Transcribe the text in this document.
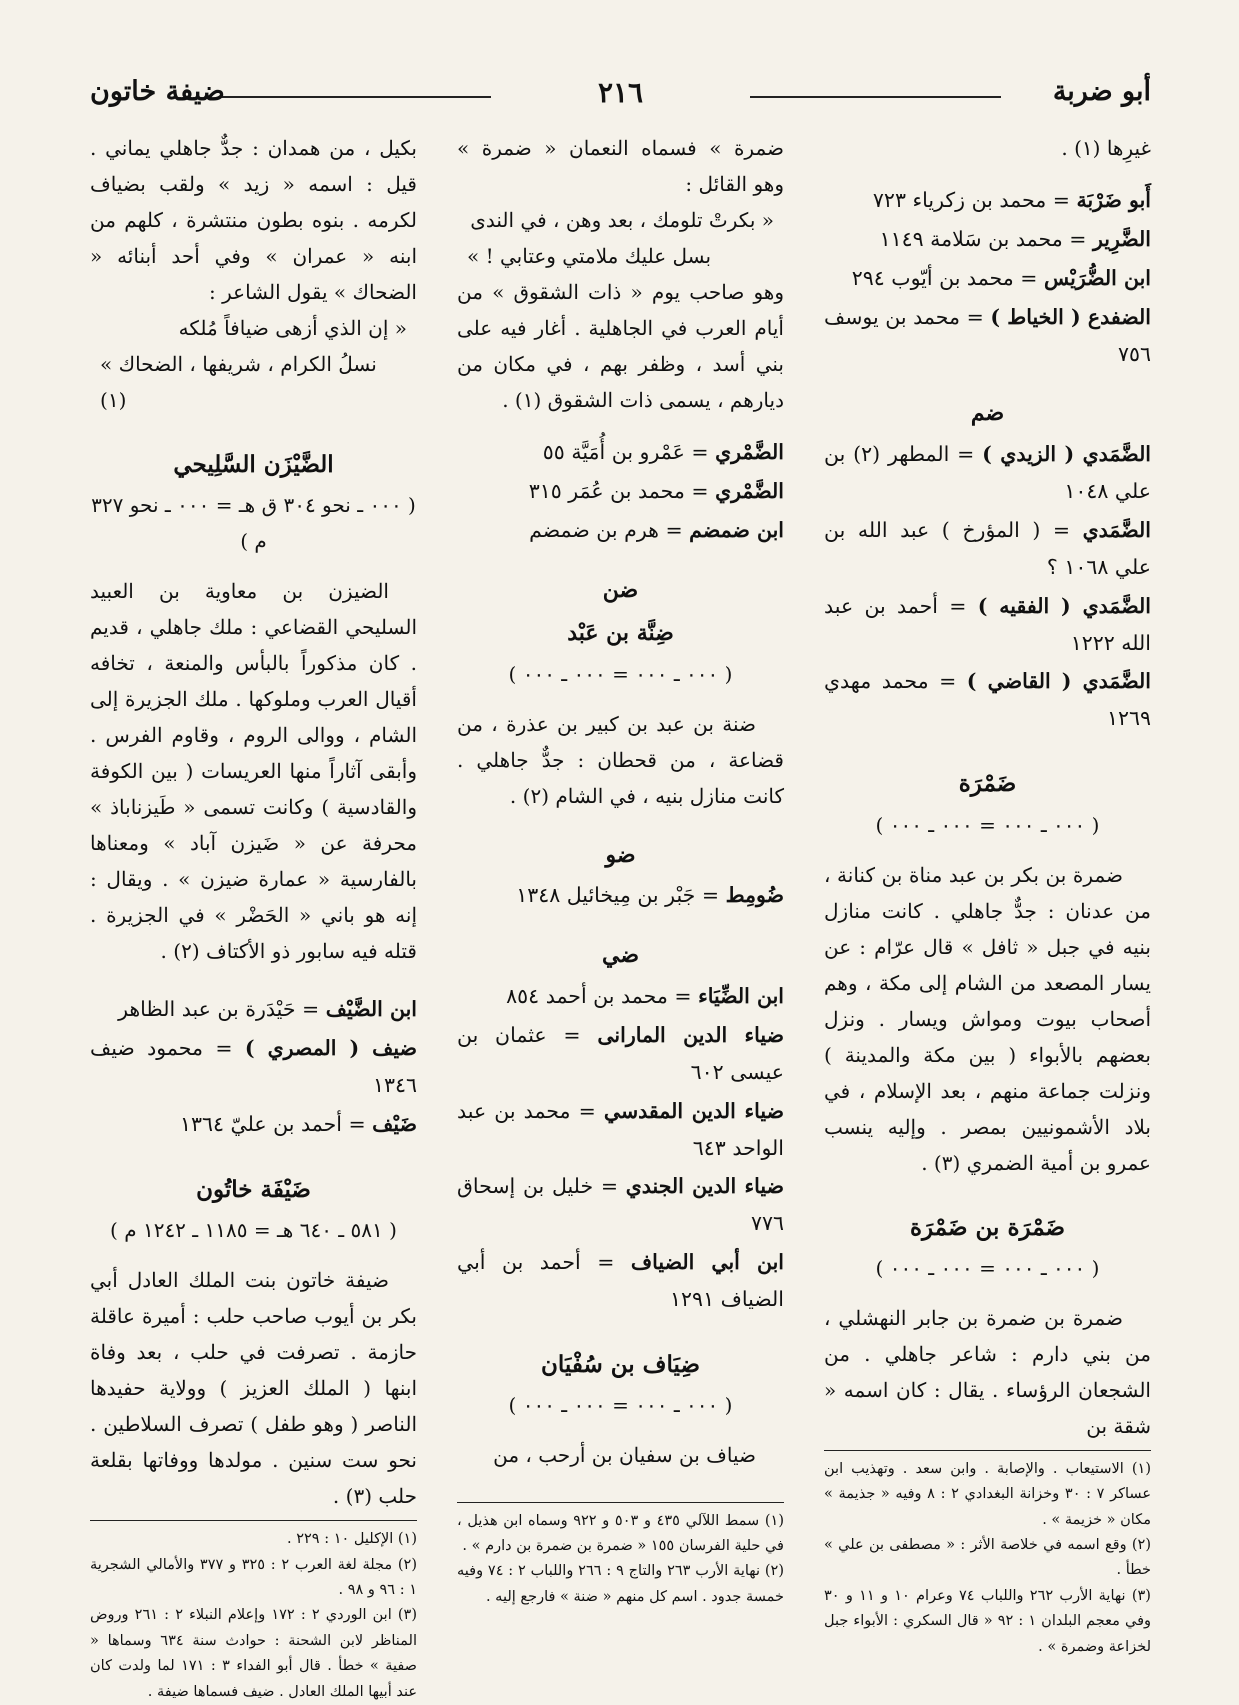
أبو ضربة
٢١٦
ضيفة خاتون

غيرِها (١) .

أَبو ضَرْبَة = محمد بن زكرياء ٧٢٣

الضَّرِير = محمد بن سَلامة ١١٤٩

ابن الضُّرَيْس = محمد بن أيّوب ٢٩٤

الضفدع ( الخياط ) = محمد بن يوسف ٧٥٦

ضم

الضَّمَدي ( الزيدي ) = المطهر (٢) بن علي ١٠٤٨

الضَّمَدي = ( المؤرخ ) عبد الله بن علي ١٠٦٨ ؟

الضَّمَدي ( الفقيه ) = أحمد بن عبد الله ١٢٢٢

الضَّمَدي ( القاضي ) = محمد مهدي ١٢٦٩

ضَمْرَة

( ٠٠٠ ـ ٠٠٠ = ٠٠٠ ـ ٠٠٠ )

ضمرة بن بكر بن عبد مناة بن كنانة ، من عدنان : جدٌّ جاهلي . كانت منازل بنيه في جبل « ثافل » قال عرّام : عن يسار المصعد من الشام إلى مكة ، وهم أصحاب بيوت ومواش ويسار . ونزل بعضهم بالأبواء ( بين مكة والمدينة ) ونزلت جماعة منهم ، بعد الإسلام ، في بلاد الأشمونيين بمصر . وإليه ينسب عمرو بن أمية الضمري (٣) .

ضَمْرَة بن ضَمْرَة

( ٠٠٠ ـ ٠٠٠ = ٠٠٠ ـ ٠٠٠ )

ضمرة بن ضمرة بن جابر النهشلي ، من بني دارم : شاعر جاهلي . من الشجعان الرؤساء . يقال : كان اسمه « شقة بن

(١) الاستيعاب . والإصابة . وابن سعد . وتهذيب ابن عساكر ٧ : ٣٠ وخزانة البغدادي ٢ : ٨ وفيه « جذيمة » مكان « خزيمة » .

(٢) وقع اسمه في خلاصة الأثر : « مصطفى بن علي » خطأ .

(٣) نهاية الأرب ٢٦٢ واللباب ٧٤ وعرام ١٠ و ١١ و ٣٠ وفي معجم البلدان ١ : ٩٢ « قال السكري : الأبواء جبل لخزاعة وضمرة » .

ضمرة » فسماه النعمان « ضمرة » وهو القائل :

« بكرتْ تلومك ، بعد وهن ، في الندى

بسل عليك ملامتي وعتابي ! »

وهو صاحب يوم « ذات الشقوق » من أيام العرب في الجاهلية . أغار فيه على بني أسد ، وظفر بهم ، في مكان من ديارهم ، يسمى ذات الشقوق (١) .

الضَّمْري = عَمْرو بن أُمَيَّة ٥٥

الضَّمْري = محمد بن عُمَر ٣١٥

ابن ضمضم = هرم بن ضمضم

ضن

ضِنَّة بن عَبْد

( ٠٠٠ ـ ٠٠٠ = ٠٠٠ ـ ٠٠٠ )

ضنة بن عبد بن كبير بن عذرة ، من قضاعة ، من قحطان : جدٌّ جاهلي . كانت منازل بنيه ، في الشام (٢) .

ضو

ضُومِط = جَبْر بن مِيخائيل ١٣٤٨

ضي

ابن الضِّيَاء = محمد بن أحمد ٨٥٤

ضياء الدين المارانى = عثمان بن عيسى ٦٠٢

ضياء الدين المقدسي = محمد بن عبد الواحد ٦٤٣

ضياء الدين الجندي = خليل بن إسحاق ٧٧٦

ابن أبي الضياف = أحمد بن أبي الضياف ١٢٩١

ضِيَاف بن سُفْيَان

( ٠٠٠ ـ ٠٠٠ = ٠٠٠ ـ ٠٠٠ )

ضياف بن سفيان بن أرحب ، من

(١) سمط اللآلي ٤٣٥ و ٥٠٣ و ٩٢٢ وسماه ابن هذيل ، في حلية الفرسان ١٥٥ « ضمرة بن ضمرة بن دارم » .

(٢) نهاية الأرب ٢٦٣ والتاج ٩ : ٢٦٦ واللباب ٢ : ٧٤ وفيه خمسة جدود . اسم كل منهم « ضنة » فارجع إليه .

بكيل ، من همدان : جدٌّ جاهلي يماني . قيل : اسمه « زيد » ولقب بضياف لكرمه . بنوه بطون منتشرة ، كلهم من ابنه « عمران » وفي أحد أبنائه « الضحاك » يقول الشاعر :

« إن الذي أزهى ضيافاً مُلكه

نسلُ الكرام ، شريفها ، الضحاك » (١)

الضَّيْزَن السَّلِيحي

( ٠٠٠ ـ نحو ٣٠٤ ق هـ = ٠٠٠ ـ نحو ٣٢٧ م )

الضيزن بن معاوية بن العبيد السليحي القضاعي : ملك جاهلي ، قديم . كان مذكوراً بالبأس والمنعة ، تخافه أقيال العرب وملوكها . ملك الجزيرة إلى الشام ، ووالى الروم ، وقاوم الفرس . وأبقى آثاراً منها العريسات ( بين الكوفة والقادسية ) وكانت تسمى « طَيزناباذ » محرفة عن « ضَيزن آباد » ومعناها بالفارسية « عمارة ضيزن » . ويقال : إنه هو باني « الحَضْر » في الجزيرة . قتله فيه سابور ذو الأكتاف (٢) .

ابن الضَّيْف = حَيْدَرة بن عبد الظاهر

ضيف ( المصري ) = محمود ضيف ١٣٤٦

ضَيْف = أحمد بن عليّ ١٣٦٤

ضَيْفَة خاتُون

( ٥٨١ ـ ٦٤٠ هـ = ١١٨٥ ـ ١٢٤٢ م )

ضيفة خاتون بنت الملك العادل أبي بكر بن أيوب صاحب حلب : أميرة عاقلة حازمة . تصرفت في حلب ، بعد وفاة ابنها ( الملك العزيز ) وولاية حفيدها الناصر ( وهو طفل ) تصرف السلاطين . نحو ست سنين . مولدها ووفاتها بقلعة حلب (٣) .

(١) الإكليل ١٠ : ٢٢٩ .

(٢) مجلة لغة العرب ٢ : ٣٢٥ و ٣٧٧ والأمالي الشجرية ١ : ٩٦ و ٩٨ .

(٣) ابن الوردي ٢ : ١٧٢ وإعلام النبلاء ٢ : ٢٦١ وروض المناظر لابن الشحنة : حوادث سنة ٦٣٤ وسماها « صفية » خطأ . قال أبو الفداء ٣ : ١٧١ لما ولدت كان عند أبيها الملك العادل . ضيف فسماها ضيفة .
